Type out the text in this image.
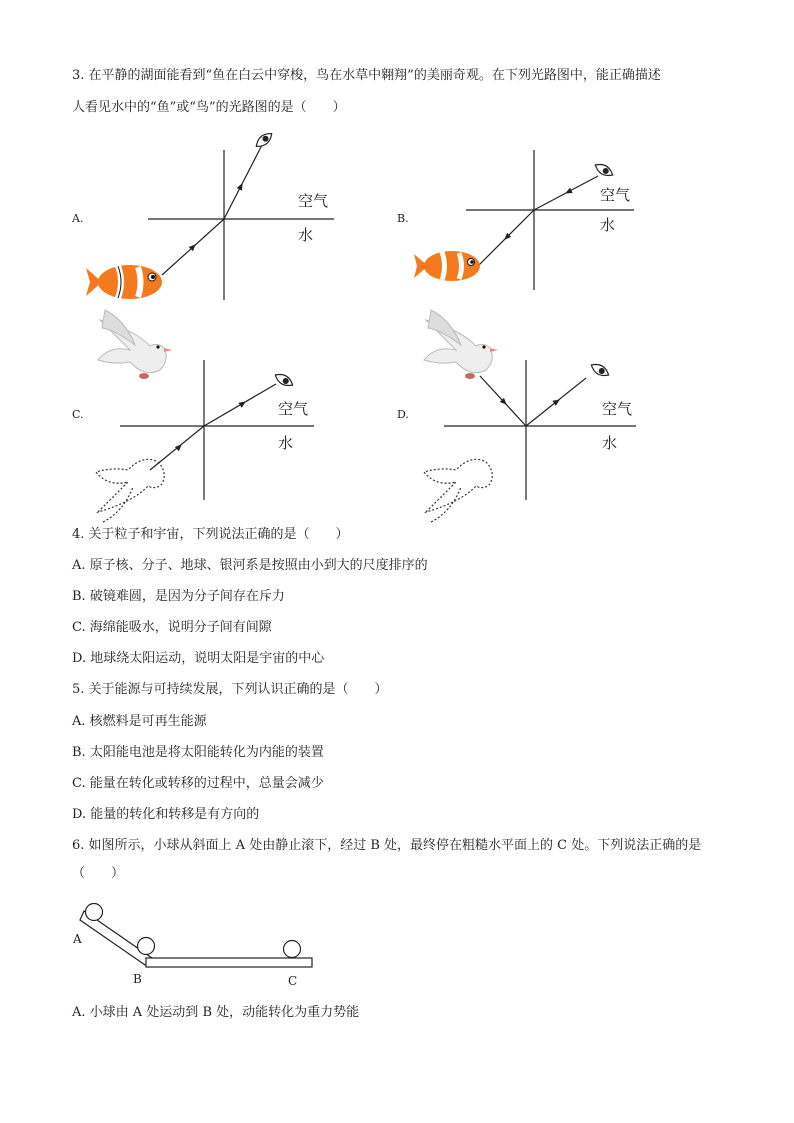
3. 在平静的湖面能看到“鱼在白云中穿梭，鸟在水草中翱翔”的美丽奇观。在下列光路图中，能正确描述
人看见水中的“鱼”或“鸟”的光路图的是（　　）
A.
空气
水
B.
空气
水
C.	空气
水
D.	空气
水
4. 关于粒子和宇宙，下列说法正确的是（　　）
A. 原子核、分子、地球、银河系是按照由小到大的尺度排序的
B. 破镜难圆，是因为分子间存在斥力
C. 海绵能吸水，说明分子间有间隙
D. 地球绕太阳运动，说明太阳是宇宙的中心
5. 关于能源与可持续发展，下列认识正确的是（　　）
A. 核燃料是可再生能源
B. 太阳能电池是将太阳能转化为内能的装置
C. 能量在转化或转移的过程中，总量会减少
D. 能量的转化和转移是有方向的
6. 如图所示，小球从斜面上 A 处由静止滚下，经过 B 处，最终停在粗糙水平面上的 C 处。下列说法正确的是（　　）
A
B	C
A. 小球由 A 处运动到 B 处，动能转化为重力势能
